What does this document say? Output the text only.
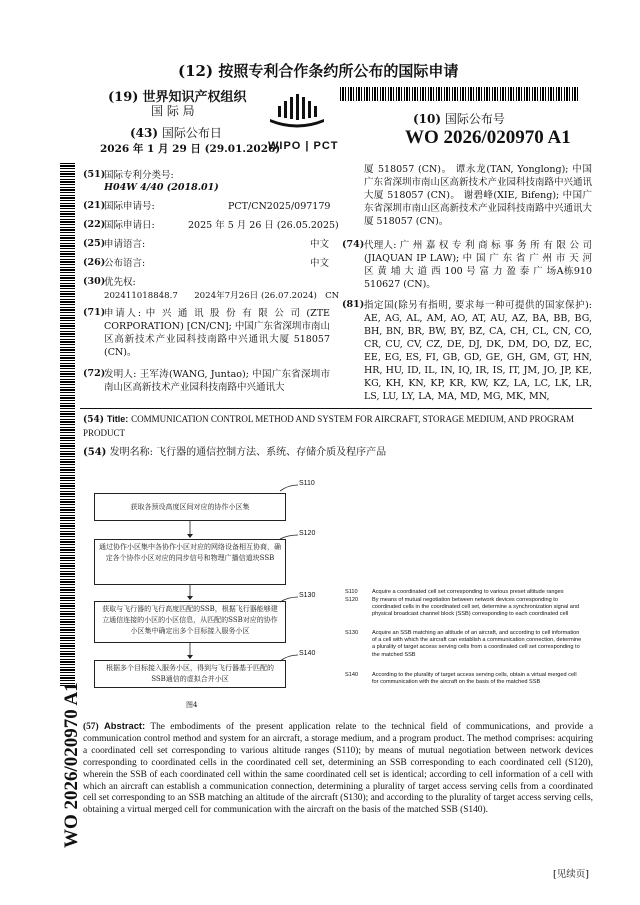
(12) 按照专利合作条约所公布的国际申请
(19) 世界知识产权组织
国 际 局
(43) 国际公布日
2026 年 1 月 29 日 (29.01.2026)
WIPO | PCT
(10) 国际公布号
WO 2026/020970 A1
WO 2026/020970 A1
(51)
国际专利分类号:
H04W 4/40 (2018.01)
(21)
国际申请号:	PCT/CN2025/097179
(22)
国际申请日:	2025 年 5 月 26 日 (26.05.2025)
(25)
申请语言:	中文
(26)
公布语言:	中文
(30)
优先权:
202411018848.7      2024年7月26日 (26.07.2024)   CN
(71)
申请人: 中 兴 通 讯 股 份 有 限 公 司 (ZTE CORPORATION) [CN/CN]; 中国广东省深圳市南山区高新技术产业园科技南路中兴通讯大厦 518057 (CN)。
(72)
发明人: 王军涛(WANG, Juntao); 中国广东省深圳市南山区高新技术产业园科技南路中兴通讯大
厦 518057 (CN)。 谭永龙(TAN, Yonglong); 中国广东省深圳市南山区高新技术产业园科技南路中兴通讯大厦 518057 (CN)。 谢碧峰(XIE, Bifeng); 中国广东省深圳市南山区高新技术产业园科技南路中兴通讯大厦 518057 (CN)。
(74) 代理人: 广 州 嘉 权 专 利 商 标 事 务 所 有 限 公 司 (JIAQUAN IP LAW); 中 国 广 东 省 广 州 市 天 河 区 黄 埔 大 道 西 100 号 富 力 盈 泰 广 场A栋910 510627 (CN)。
(81) 指定国(除另有指明, 要求每一种可提供的国家保护): AE, AG, AL, AM, AO, AT, AU, AZ, BA, BB, BG, BH, BN, BR, BW, BY, BZ, CA, CH, CL, CN, CO, CR, CU, CV, CZ, DE, DJ, DK, DM, DO, DZ, EC, EE, EG, ES, FI, GB, GD, GE, GH, GM, GT, HN, HR, HU, ID, IL, IN, IQ, IR, IS, IT, JM, JO, JP, KE, KG, KH, KN, KP, KR, KW, KZ, LA, LC, LK, LR, LS, LU, LY, LA, MA, MD, MG, MK, MN,
(54) Title: COMMUNICATION CONTROL METHOD AND SYSTEM FOR AIRCRAFT, STORAGE MEDIUM, AND PROGRAM PRODUCT
(54) 发明名称: 飞行器的通信控制方法、系统、存储介质及程序产品
获取各预设高度区间对应的协作小区集
S110
通过协作小区集中各协作小区对应的网络设备相互协商，确定各个协作小区对应的同步信号和物理广播信道块SSB
S120
获取与飞行器的飞行高度匹配的SSB，根据飞行器能够建立通信连接的小区的小区信息，从匹配的SSB对应的协作小区集中确定出多个目标接入服务小区
S130
根据多个目标接入服务小区，得到与飞行器基于匹配的SSB通信的虚拟合并小区
S140
S110	Acquire a coordinated cell set corresponding to various preset altitude ranges
S120 By means of mutual negotiation between network devices corresponding to coordinated cells in the coordinated cell set, determine a synchronization signal and physical broadcast channel block (SSB) corresponding to each coordinated cell
S130 Acquire an SSB matching an altitude of an aircraft, and according to cell information of a cell with which the aircraft can establish a communication connection, determine a plurality of target access serving cells from a coordinated cell set corresponding to the matched SSB
S140 According to the plurality of target access serving cells, obtain a virtual merged cell for communication with the aircraft on the basis of the matched SSB
图4
(57) Abstract: The embodiments of the present application relate to the technical field of communications, and provide a communication control method and system for an aircraft, a storage medium, and a program product. The method comprises: acquiring a coordinated cell set corresponding to various altitude ranges (S110); by means of mutual negotiation between network devices corresponding to coordinated cells in the coordinated cell set, determining an SSB corresponding to each coordinated cell (S120), wherein the SSB of each coordinated cell within the same coordinated cell set is identical; according to cell information of a cell with which an aircraft can establish a communication connection, determining a plurality of target access serving cells from a coordinated cell set corresponding to an SSB matching an altitude of the aircraft (S130); and according to the plurality of target access serving cells, obtaining a virtual merged cell for communication with the aircraft on the basis of the matched SSB (S140).
[见续页]
